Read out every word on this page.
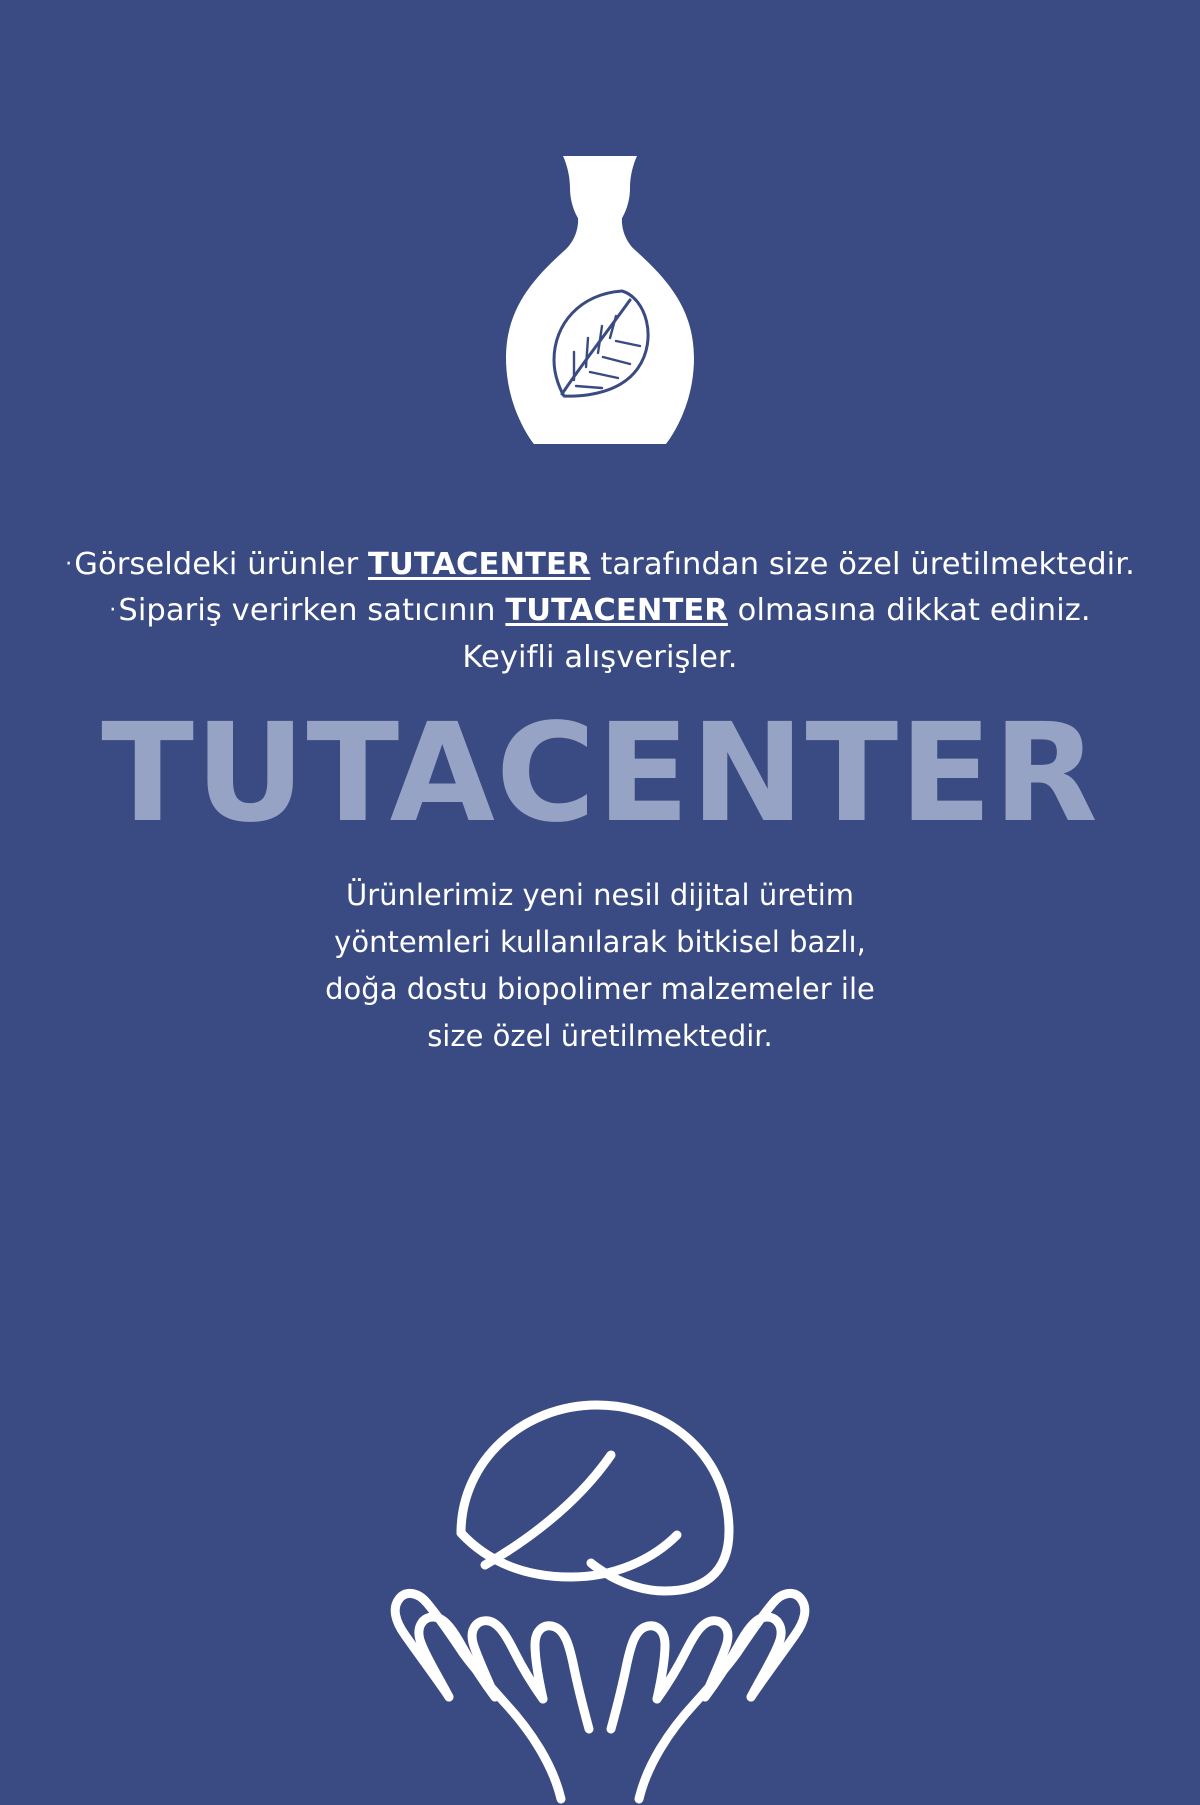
·Görseldeki ürünler TUTACENTER tarafından size özel üretilmektedir.
·Sipariş verirken satıcının TUTACENTER olmasına dikkat ediniz.
Keyifli alışverişler.
TUTACENTER
Ürünlerimiz yeni nesil dijital üretim
yöntemleri kullanılarak bitkisel bazlı,
doğa dostu biopolimer malzemeler ile
size özel üretilmektedir.
